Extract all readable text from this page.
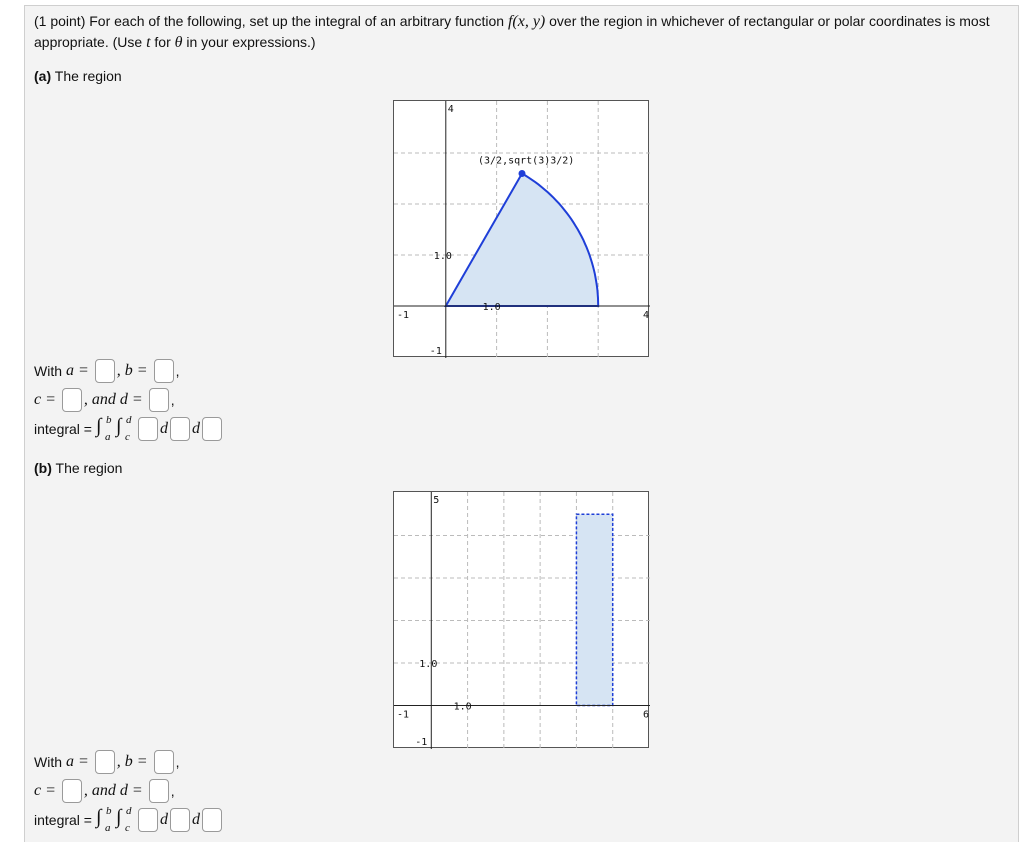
(1 point) For each of the following, set up the integral of an arbitrary function f(x, y) over the region in whichever of rectangular or polar coordinates is most appropriate. (Use t for θ in your expressions.)
(a) The region
(3/2,sqrt(3)3/2)
-1	4
-1
4
1.0
1.0
With a = , b = ,
c = , and d = ,
integral = ∫ b
a ∫ d
c d d
(b) The region
-1	6
-1
5
1.0
1.0
With a = , b = ,
c = , and d = ,
integral = ∫ b
a ∫ d
c d d
